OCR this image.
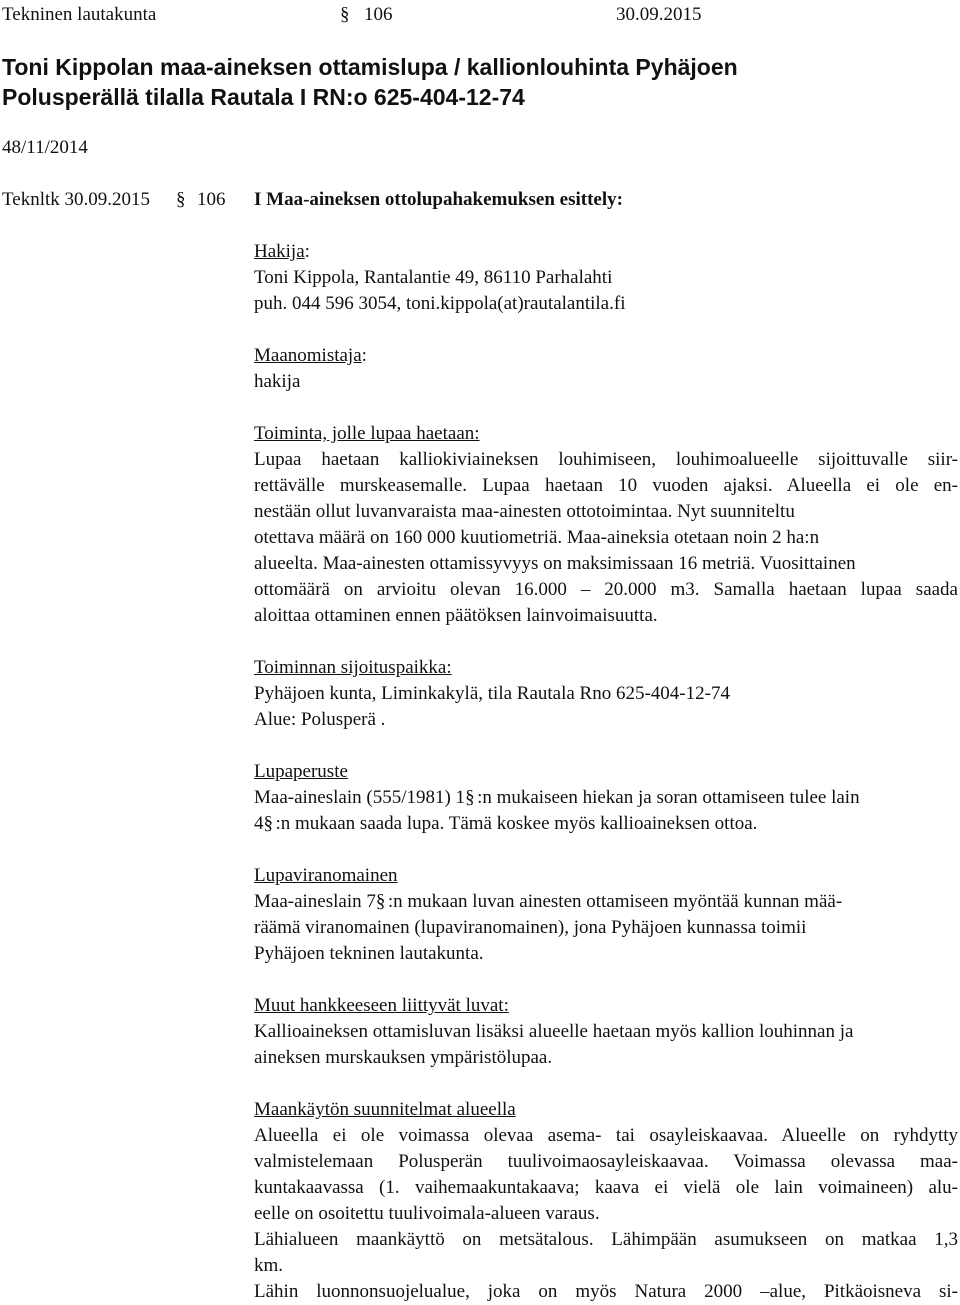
Tekninen lautakunta	§ 106	30.09.2015
Toni Kippolan maa-aineksen ottamislupa / kallionlouhinta Pyhäjoen
Polusperällä tilalla Rautala I RN:o 625-404-12-74
48/11/2014
Teknltk 30.09.2015 § 106 I Maa-aineksen ottolupahakemuksen esittely:
Hakija:
Toni Kippola, Rantalantie 49, 86110 Parhalahti
puh. 044 596 3054, toni.kippola(at)rautalantila.fi
Maanomistaja:
hakija
Toiminta, jolle lupaa haetaan:

Lupaa haetaan kalliokiviaineksen louhimiseen, louhimoalueelle sijoittuvalle siir-

rettävälle murskeasemalle. Lupaa haetaan 10 vuoden ajaksi. Alueella ei ole en-

nestään ollut luvanvaraista maa-ainesten ottotoimintaa. Nyt suunniteltu

otettava määrä on 160 000 kuutiometriä. Maa-aineksia otetaan noin 2 ha:n

alueelta. Maa-ainesten ottamissyvyys on maksimissaan 16 metriä. Vuosittainen

ottomäärä on arvioitu olevan 16.000 – 20.000 m3. Samalla haetaan lupaa saada

aloittaa ottaminen ennen päätöksen lainvoimaisuutta.

Toiminnan sijoituspaikka:
Pyhäjoen kunta, Liminkakylä, tila Rautala Rno 625-404-12-74
Alue: Polusperä .
Lupaperuste
Maa-aineslain (555/1981) 1§ :n mukaiseen hiekan ja soran ottamiseen tulee lain
4§ :n mukaan saada lupa. Tämä koskee myös kallioaineksen ottoa.
Lupaviranomainen
Maa-aineslain 7§ :n mukaan luvan ainesten ottamiseen myöntää kunnan mää-
räämä viranomainen (lupaviranomainen), jona Pyhäjoen kunnassa toimii
Pyhäjoen tekninen lautakunta.
Muut hankkeeseen liittyvät luvat:
Kallioaineksen ottamisluvan lisäksi alueelle haetaan myös kallion louhinnan ja
aineksen murskauksen ympäristölupaa.
Maankäytön suunnitelmat alueella

Alueella ei ole voimassa olevaa asema- tai osayleiskaavaa. Alueelle on ryhdytty

valmistelemaan Polusperän tuulivoimaosayleiskaavaa. Voimassa olevassa maa-

kuntakaavassa (1. vaihemaakuntakaava; kaava ei vielä ole lain voimaineen) alu-

eelle on osoitettu tuulivoimala-alueen varaus.

Lähialueen maankäyttö on metsätalous. Lähimpään asumukseen on matkaa 1,3

km.

Lähin luonnonsuojelualue, joka on myös Natura 2000 –alue, Pitkäoisneva si-
